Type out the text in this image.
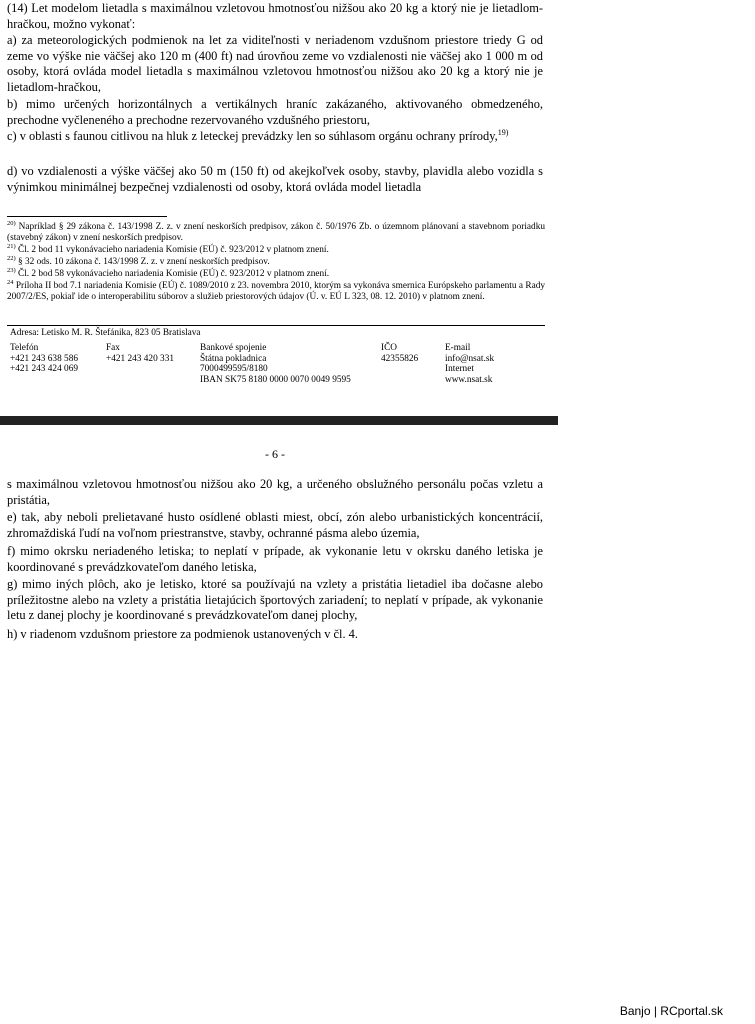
(14) Let modelom lietadla s maximálnou vzletovou hmotnosťou nižšou ako 20 kg a ktorý nie je lietadlom-hračkou, možno vykonať:

a) za meteorologických podmienok na let za viditeľnosti v neriadenom vzdušnom priestore triedy G od zeme vo výške nie väčšej ako 120 m (400 ft) nad úrovňou zeme vo vzdialenosti nie väčšej ako 1 000 m od osoby, ktorá ovláda model lietadla s maximálnou vzletovou hmotnosťou nižšou ako 20 kg a ktorý nie je lietadlom-hračkou,

b) mimo určených horizontálnych a vertikálnych hraníc zakázaného, aktivovaného obmedzeného, prechodne vyčleneného a prechodne rezervovaného vzdušného priestoru,

c) v oblasti s faunou citlivou na hluk z leteckej prevádzky len so súhlasom orgánu ochrany prírody,$^{19)}$

d) vo vzdialenosti a výške väčšej ako 50 m (150 ft) od akejkoľvek osoby, stavby, plavidla alebo vozidla s výnimkou minimálnej bezpečnej vzdialenosti od osoby, ktorá ovláda model lietadla

$^{20)}$ Napríklad § 29 zákona č. 143/1998 Z. z. v znení neskorších predpisov, zákon č. 50/1976 Zb. o územnom plánovaní a stavebnom poriadku (stavebný zákon) v znení neskorších predpisov.

$^{21)}$ Čl. 2 bod 11 vykonávacieho nariadenia Komisie (EÚ) č. 923/2012 v platnom znení.

$^{22)}$ § 32 ods. 10 zákona č. 143/1998 Z. z. v znení neskorších predpisov.

$^{23)}$ Čl. 2 bod 58 vykonávacieho nariadenia Komisie (EÚ) č. 923/2012 v platnom znení.

$^{24}$ Príloha II bod 7.1 nariadenia Komisie (EÚ) č. 1089/2010 z 23. novembra 2010, ktorým sa vykonáva smernica Európskeho parlamentu a Rady 2007/2/ES, pokiaľ ide o interoperabilitu súborov a služieb priestorových údajov (Ú. v. EÚ L 323, 08. 12. 2010) v platnom znení.

Adresa: Letisko M. R. Štefánika, 823 05 Bratislava
Telefón
+421 243 638 586
+421 243 424 069
Fax
+421 243 420 331
Bankové spojenie
Štátna pokladnica
7000499595/8180
IBAN SK75 8180 0000 0070 0049 9595
IČO
42355826
E-mail
info@nsat.sk
Internet
www.nsat.sk
- 6 -

s maximálnou vzletovou hmotnosťou nižšou ako 20 kg, a určeného obslužného personálu počas vzletu a pristátia,

e) tak, aby neboli prelietavané husto osídlené oblasti miest, obcí, zón alebo urbanistických koncentrácií, zhromaždiská ľudí na voľnom priestranstve, stavby, ochranné pásma alebo územia,

f) mimo okrsku neriadeného letiska; to neplatí v prípade, ak vykonanie letu v okrsku daného letiska je koordinované s prevádzkovateľom daného letiska,

g) mimo iných plôch, ako je letisko, ktoré sa používajú na vzlety a pristátia lietadiel iba dočasne alebo príležitostne alebo na vzlety a pristátia lietajúcich športových zariadení; to neplatí v prípade, ak vykonanie letu z danej plochy je koordinované s prevádzkovateľom danej plochy,

h) v riadenom vzdušnom priestore za podmienok ustanovených v čl. 4.

Banjo | RCportal.sk
